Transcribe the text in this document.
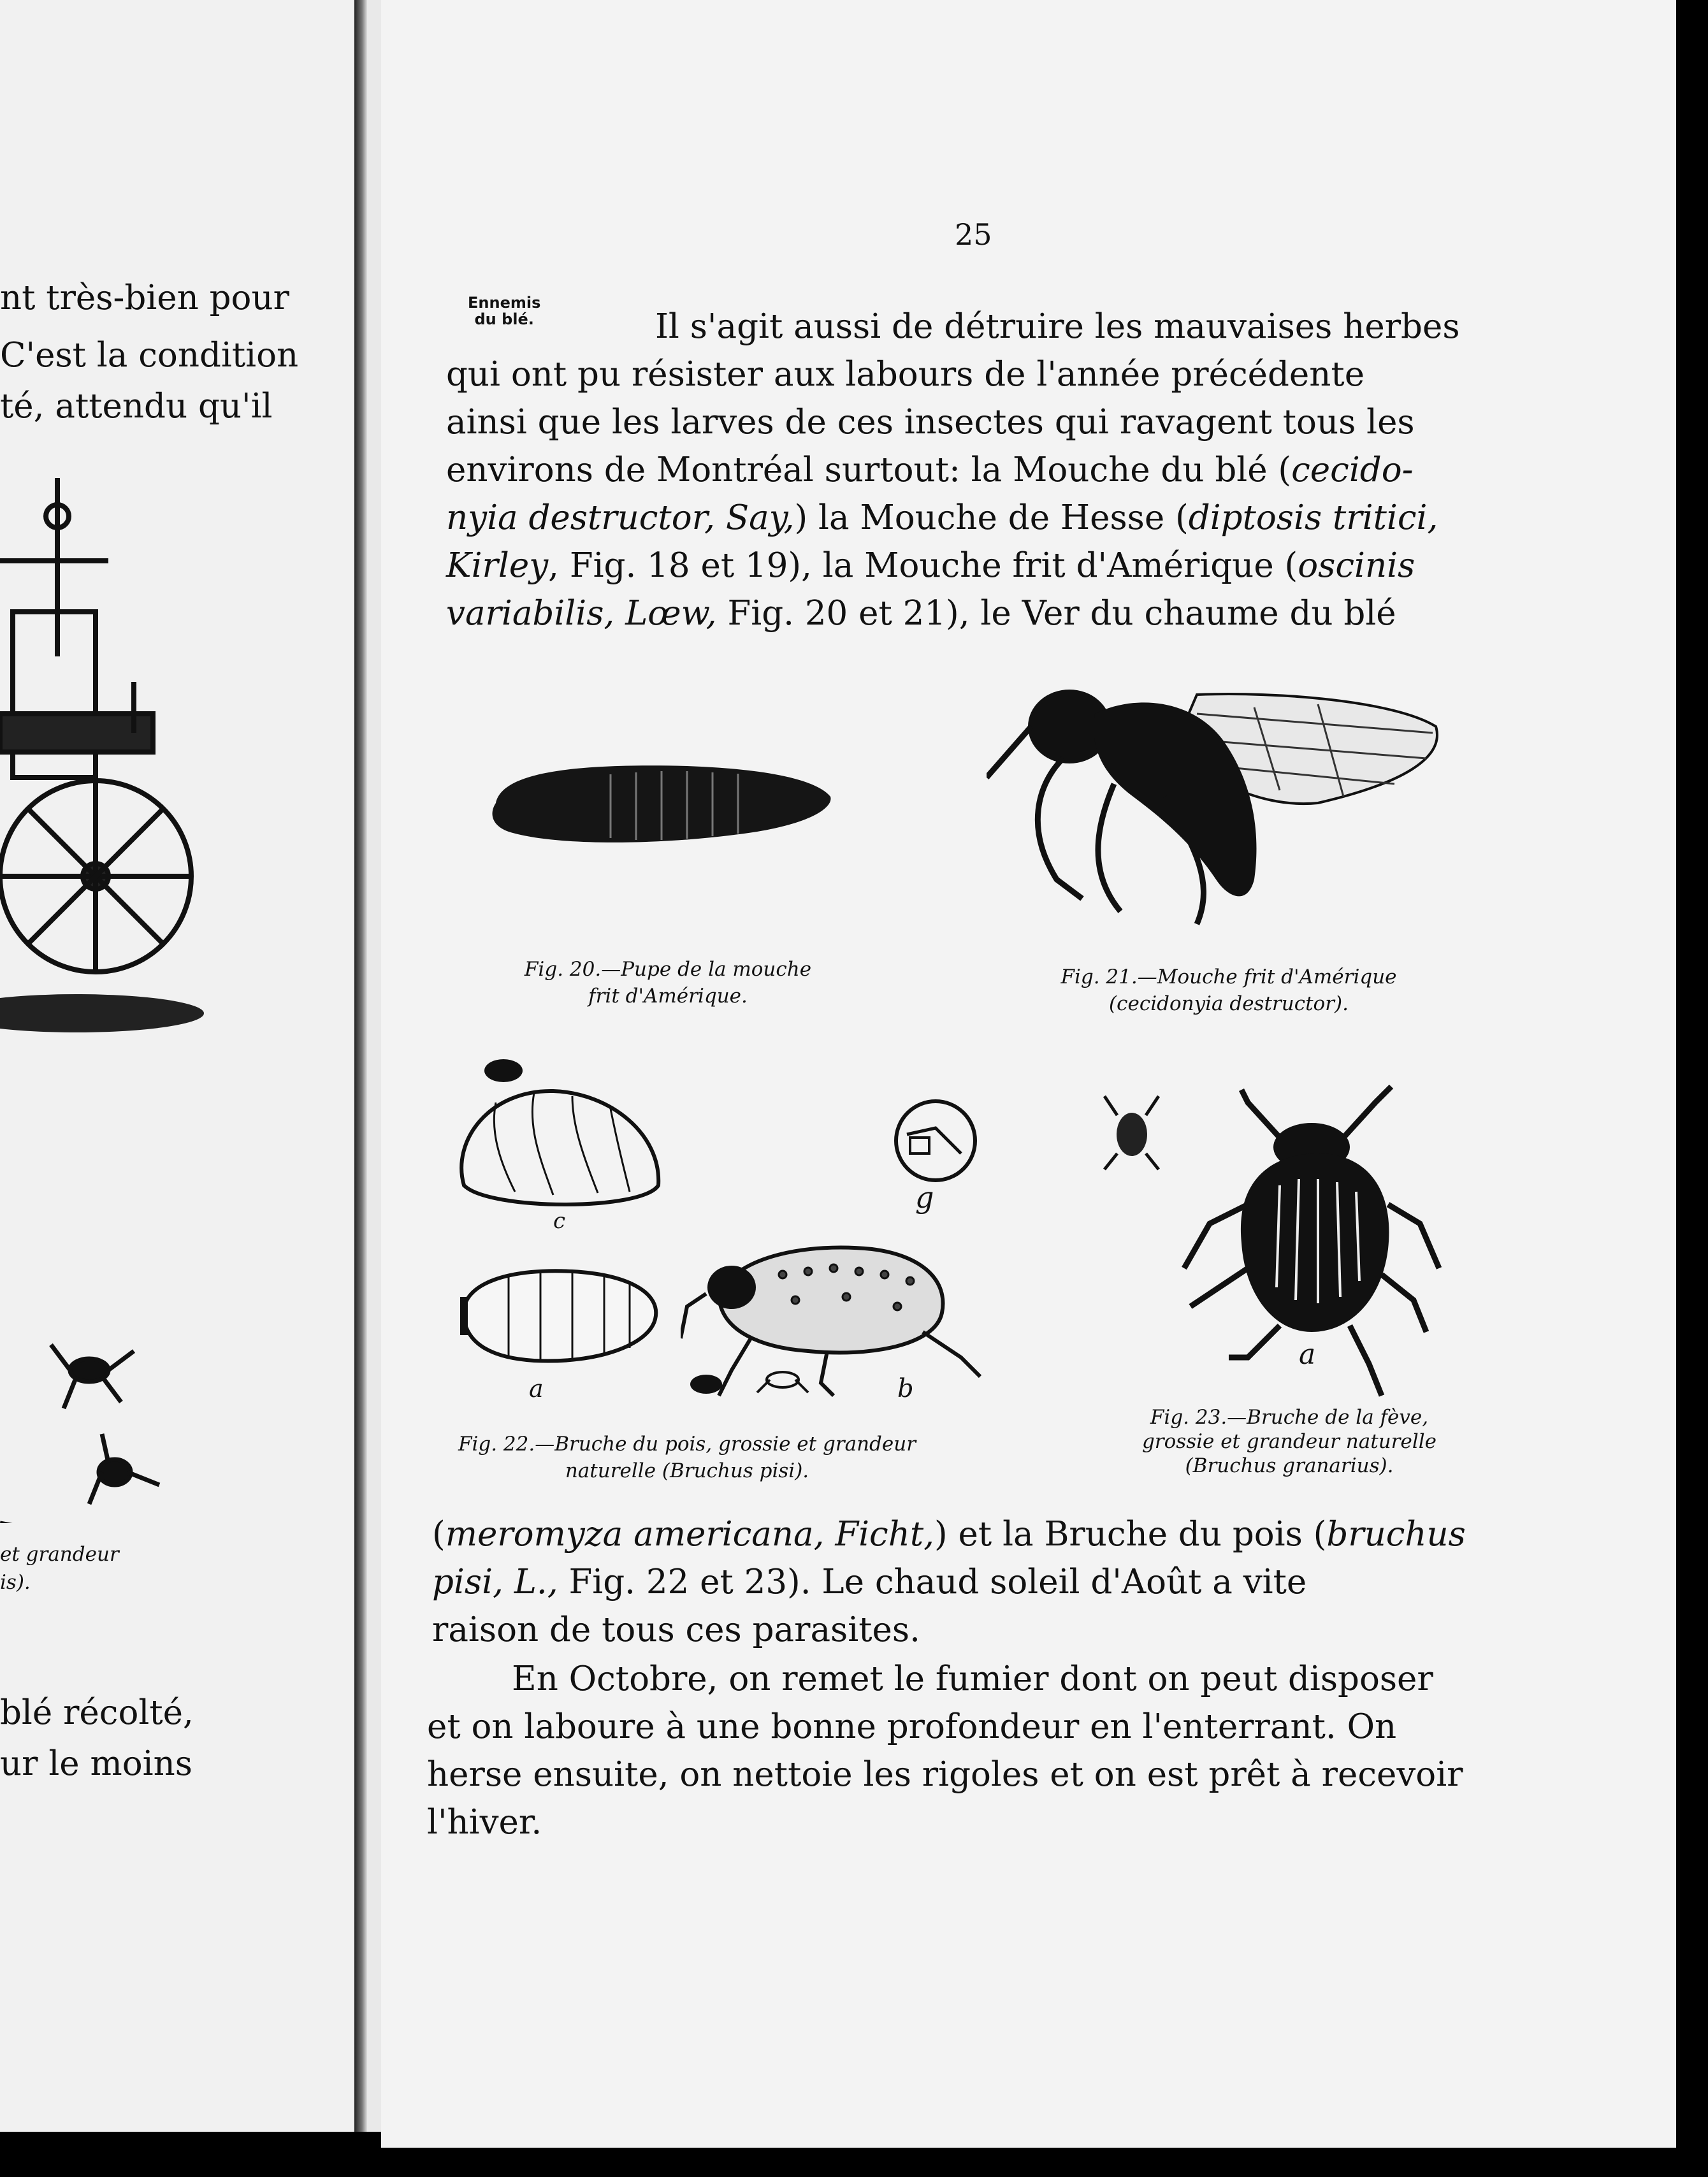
nt très-bien pour
C'est la condition
té, attendu qu'il
et grandeur
is).
blé récolté,
ur le moins
25
Ennemis
du blé.	Il s'agit aussi de détruire les mauvaises herbes
qui ont pu résister aux labours de l'année précédente
ainsi que les larves de ces insectes qui ravagent tous les
environs de Montréal surtout: la Mouche du blé (cecido-
nyia destructor, Say,) la Mouche de Hesse (diptosis tritici,
Kirley, Fig. 18 et 19), la Mouche frit d'Amérique (oscinis
variabilis, Lœw, Fig. 20 et 21), le Ver du chaume du blé
Fig. 20.—Pupe de la mouche
frit d'Amérique.
Fig. 21.—Mouche frit d'Amérique
(cecidonyia destructor).
c
a
g
b
Fig. 22.—Bruche du pois, grossie et grandeur
naturelle (Bruchus pisi).
a
Fig. 23.—Bruche de la fève,
grossie et grandeur naturelle
(Bruchus granarius).
(meromyza americana, Ficht,) et la Bruche du pois (bruchus
pisi, L., Fig. 22 et 23). Le chaud soleil d'Août a vite
raison de tous ces parasites.
En Octobre, on remet le fumier dont on peut disposer
et on laboure à une bonne profondeur en l'enterrant. On
herse ensuite, on nettoie les rigoles et on est prêt à recevoir
l'hiver.
